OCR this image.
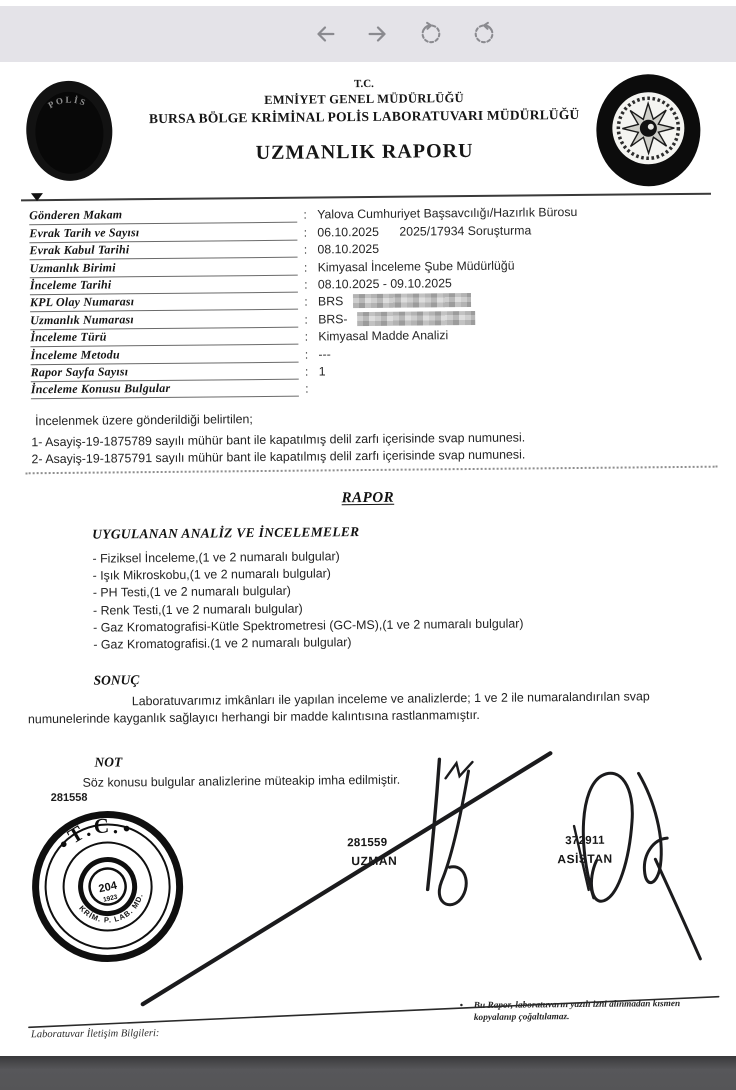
POLİS
T.C.
EMNİYET GENEL MÜDÜRLÜĞÜ
BURSA BÖLGE KRİMİNAL POLİS LABORATUVARI MÜDÜRLÜĞÜ
UZMANLIK RAPORU
Gönderen Makam	: Yalova Cumhuriyet Başsavcılığı/Hazırlık Bürosu
Evrak Tarih ve Sayısı	: 06.10.2025      2025/17934 Soruşturma
Evrak Kabul Tarihi	: 08.10.2025
Uzmanlık Birimi	: Kimyasal İnceleme Şube Müdürlüğü
İnceleme Tarihi	: 08.10.2025 - 09.10.2025
KPL Olay Numarası	: BRS
Uzmanlık Numarası	: BRS-
İnceleme Türü	: Kimyasal Madde Analizi
İnceleme Metodu	: ---
Rapor Sayfa Sayısı	: 1
İnceleme Konusu Bulgular	:
İncelenmek üzere gönderildiği belirtilen;
1- Asayiş-19-1875789 sayılı mühür bant ile kapatılmış delil zarfı içerisinde svap numunesi.
2- Asayiş-19-1875791 sayılı mühür bant ile kapatılmış delil zarfı içerisinde svap numunesi.
RAPOR
UYGULANAN ANALİZ VE İNCELEMELER
- Fiziksel İnceleme,(1 ve 2 numaralı bulgular)
- Işık Mikroskobu,(1 ve 2 numaralı bulgular)
- PH Testi,(1 ve 2 numaralı bulgular)
- Renk Testi,(1 ve 2 numaralı bulgular)
- Gaz Kromatografisi-Kütle Spektrometresi (GC-MS),(1 ve 2 numaralı bulgular)
- Gaz Kromatografisi.(1 ve 2 numaralı bulgular)
SONUÇ
Laboratuvarımız imkânları ile yapılan inceleme ve analizlerde; 1 ve 2 ile numaralandırılan svap numunelerinde kayganlık sağlayıcı herhangi bir madde kalıntısına rastlanmamıştır.
NOT
Söz konusu bulgular analizlerine müteakip imha edilmiştir.
281558
•T.C.•
KRİM. P. LAB. MD.
204
1923
281559
UZMAN
372911
ASİSTAN
Laboratuvar İletişim Bilgileri:
•	Bu Rapor, laboratuvarın yazılı izni alınmadan kısmen kopyalanıp çoğaltılamaz.
